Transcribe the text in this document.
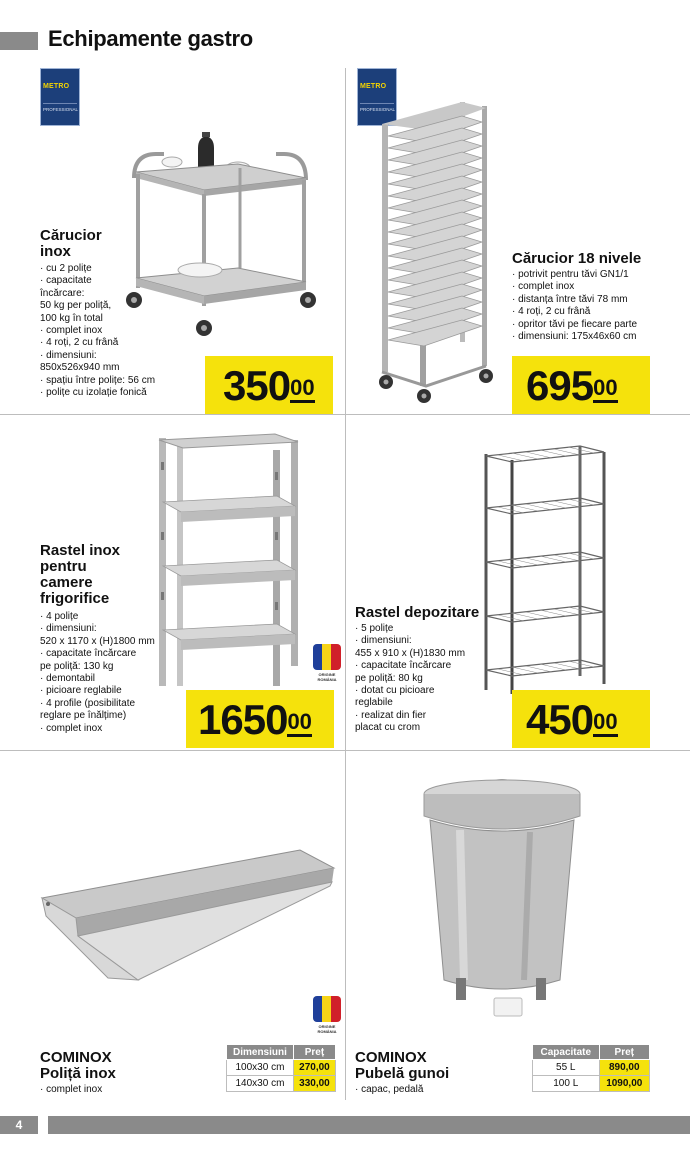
Echipamente gastro
METRO
PROFESSIONAL
Cărucior
inox
· cu 2 polițe
· capacitate
încărcare:
50 kg per poliță,
100 kg în total
· complet inox
· 4 roți, 2 cu frână
· dimensiuni:
850x526x940 mm
· spațiu între polițe: 56 cm
· polițe cu izolație fonică $350^{00}$
METRO
PROFESSIONAL
Cărucior 18 nivele
· potrivit pentru tăvi GN1/1
· complet inox
· distanța între tăvi 78 mm
· 4 roți, 2 cu frână
· opritor tăvi pe fiecare parte
· dimensiuni: 175x46x60 cm
$695^{00}$
ORIGINE
ROMÂNIA
Rastel inox
pentru
camere
frigorifice
· 4 polițe
· dimensiuni:
520 x 1170 x (H)1800 mm
· capacitate încărcare
pe poliță: 130 kg
· demontabil
· picioare reglabile
· 4 profile (posibilitate
reglare pe înălțime)
· complet inox	1650$^{00}$
Rastel depozitare
· 5 polițe
· dimensiuni:
455 x 910 x (H)1830 mm
· capacitate încărcare
pe poliță: 80 kg
· dotat cu picioare
reglabile
· realizat din fier
placat cu crom	$450^{00}$
ORIGINE
ROMÂNIA
COMINOX
Poliță inox
· complet inox
Dimensiuni	Preț
100x30 cm	270,00
140x30 cm	330,00
COMINOX
Pubelă gunoi
· capac, pedală
Capacitate	Preț
55 L	890,00
100 L	1090,00
4
